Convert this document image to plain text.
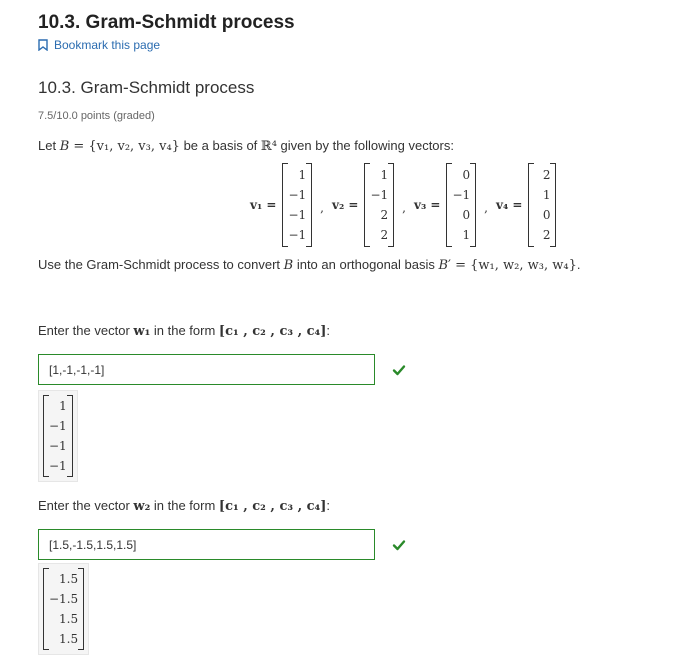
10.3. Gram-Schmidt process
Bookmark this page
10.3. Gram-Schmidt process
7.5/10.0 points (graded)
Let 𝐵 = {v₁, v₂, v₃, v₄} be a basis of ℝ⁴ given by the following vectors:
v₁ =
1
−1
−1
−1
, v₂ =
1
−1
2
2
, v₃ =
0
−1
0
1
, v₄ =
2
1
0
2
Use the Gram-Schmidt process to convert 𝐵 into an orthogonal basis 𝐵′ = {w₁, w₂, w₃, w₄}.
Enter the vector w₁ in the form [c₁ , c₂ , c₃ , c₄]:
[1,-1,-1,-1]
1
−1
−1
−1
Enter the vector w₂ in the form [c₁ , c₂ , c₃ , c₄]:
[1.5,-1.5,1.5,1.5]
1.5
−1.5
1.5
1.5
